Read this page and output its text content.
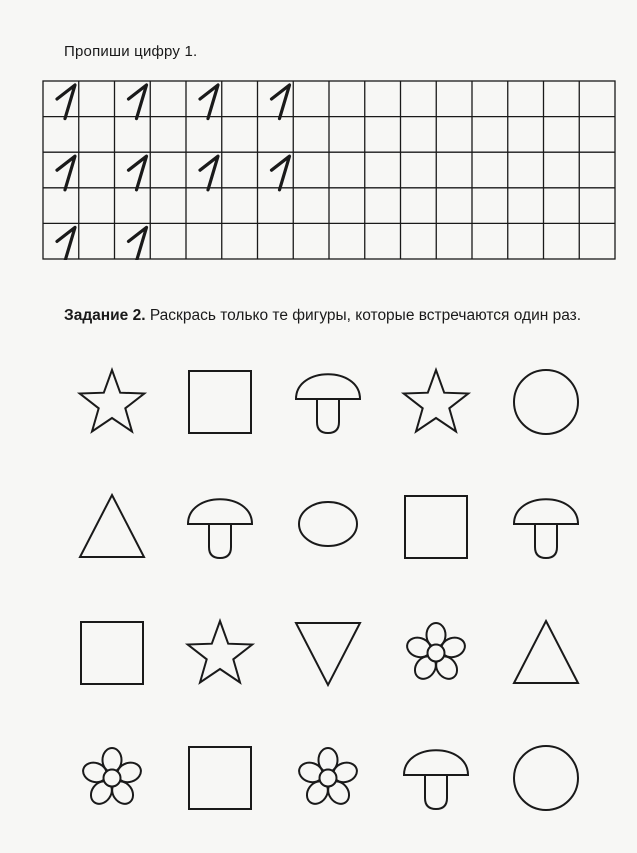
Пропиши цифру 1.
Задание 2. Раскрась только те фигуры, которые встречаются один раз.
